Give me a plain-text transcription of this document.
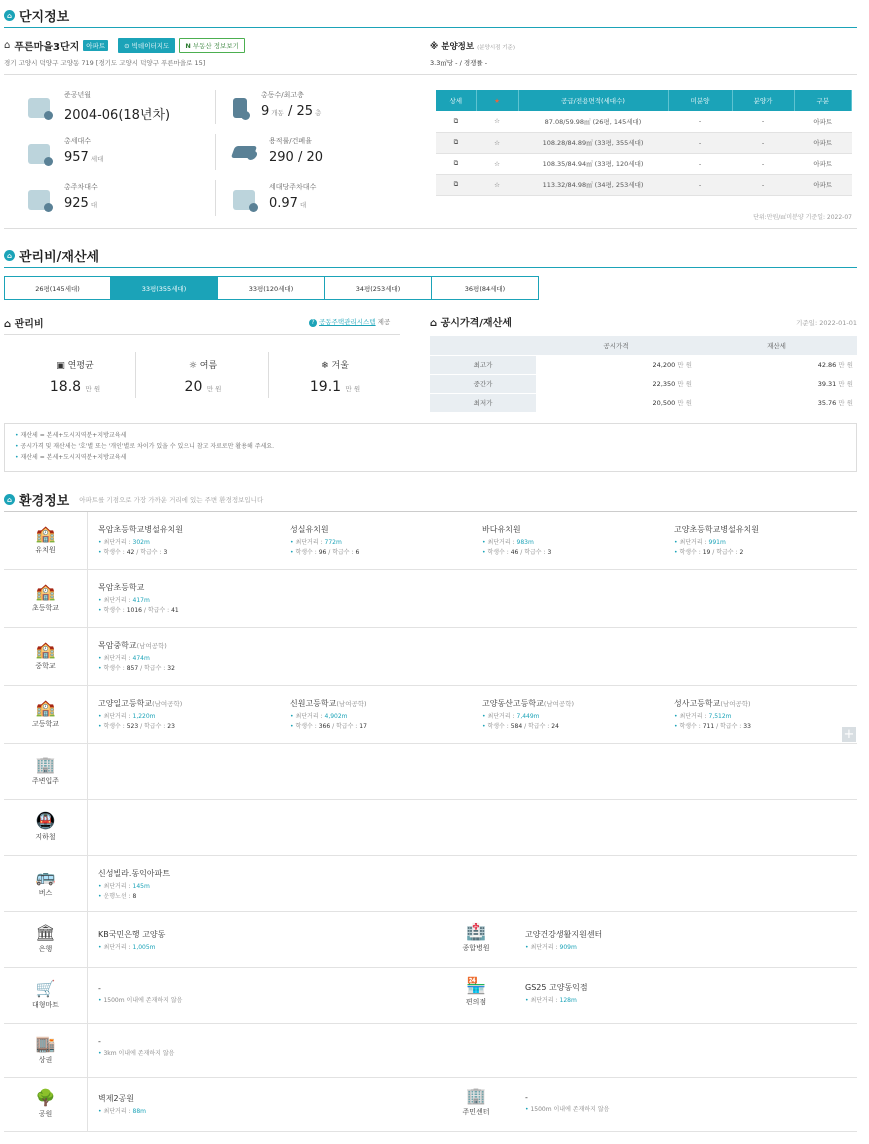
⌂ 단지정보
⌂ 푸른마을3단지	아파트	⊙ 빅데이터지도	N 부동산 정보보기
경기 고양시 덕양구 고양동 719 [경기도 고양시 덕양구 푸른마을로 15]
※ 분양정보 (분양시점 기준)
3.3㎡당 - / 경쟁률 -
준공년월
2004-06(18년차)
총동수/최고층
9 개동 / 25 층
총세대수
957 세대
용적률/건폐율
290 / 20
총주차대수
925 대
세대당주차대수
0.97 대
상세	★	공급/전용면적(세대수)	미분양	분양가	구분
⧉	☆	87.08/59.98㎡ (26평, 145세대)	-	-	아파트
⧉	☆	108.28/84.89㎡ (33평, 355세대)	-	-	아파트
⧉	☆	108.35/84.94㎡ (33평, 120세대)	-	-	아파트
⧉	☆	113.32/84.98㎡ (34평, 253세대)	-	-	아파트
단위:만원/㎡미분양 기준일: 2022-07
⌂ 관리비/재산세
26평(145세대)	33평(355세대)	33평(120세대)	34평(253세대)	36평(84세대)
⌂ 관리비	? 공동주택관리시스템 제공
▣ 연평균
18.8 만 원
☼ 여름
20 만 원
❄ 겨울
19.1 만 원
⌂ 공시가격/재산세	기준일: 2022-01-01
	공시가격	재산세
최고가	24,200 만 원	42.86 만 원
중간가	22,350 만 원	39.31 만 원
최저가	20,500 만 원	35.76 만 원
• 재산세 = 본세+도시지역분+지방교육세
• 공시가격 및 재산세는 '호'별 또는 '개인'별로 차이가 있을 수 있으니 참고 자료로만 활용해 주세요.
• 재산세 = 본세+도시지역분+지방교육세
⌂ 환경정보 아파트를 기점으로 가장 가까운 거리에 있는 주변 환경정보입니다
🏫
유치원
목암초등학교병설유치원
• 최단거리 : 302m
• 학생수 : 42 / 학급수 : 3
성실유치원
• 최단거리 : 772m
• 학생수 : 96 / 학급수 : 6
바다유치원
• 최단거리 : 983m
• 학생수 : 46 / 학급수 : 3
고양초등학교병설유치원
• 최단거리 : 991m
• 학생수 : 19 / 학급수 : 2
🏫
초등학교
목암초등학교
• 최단거리 : 417m
• 학생수 : 1016 / 학급수 : 41
🏫
중학교
목암중학교(남여공학)
• 최단거리 : 474m
• 학생수 : 857 / 학급수 : 32
🏫
고등학교
고양일고등학교(남여공학)
• 최단거리 : 1,220m
• 학생수 : 523 / 학급수 : 23
신원고등학교(남여공학)
• 최단거리 : 4,902m
• 학생수 : 366 / 학급수 : 17
고양동산고등학교(남여공학)
• 최단거리 : 7,449m
• 학생수 : 584 / 학급수 : 24
성사고등학교(남여공학)
• 최단거리 : 7,512m
• 학생수 : 711 / 학급수 : 33
+
🏢
주변입주
🚇
지하철
🚌
버스
신성빌라.동익아파트
• 최단거리 : 145m
• 운행노선 : 8
🏛
은행
KB국민은행 고양동
• 최단거리 : 1,005m
🏥
종합병원
고양건강생활지원센터
• 최단거리 : 909m
🛒
대형마트
-
• 1500m 이내에 존재하지 않음
🏪
편의점
GS25 고양동익점
• 최단거리 : 128m
🏬
상권
-
• 3km 이내에 존재하지 않음
🌳
공원
벽제2공원
• 최단거리 : 88m
🏢
주민센터
-
• 1500m 이내에 존재하지 않음
